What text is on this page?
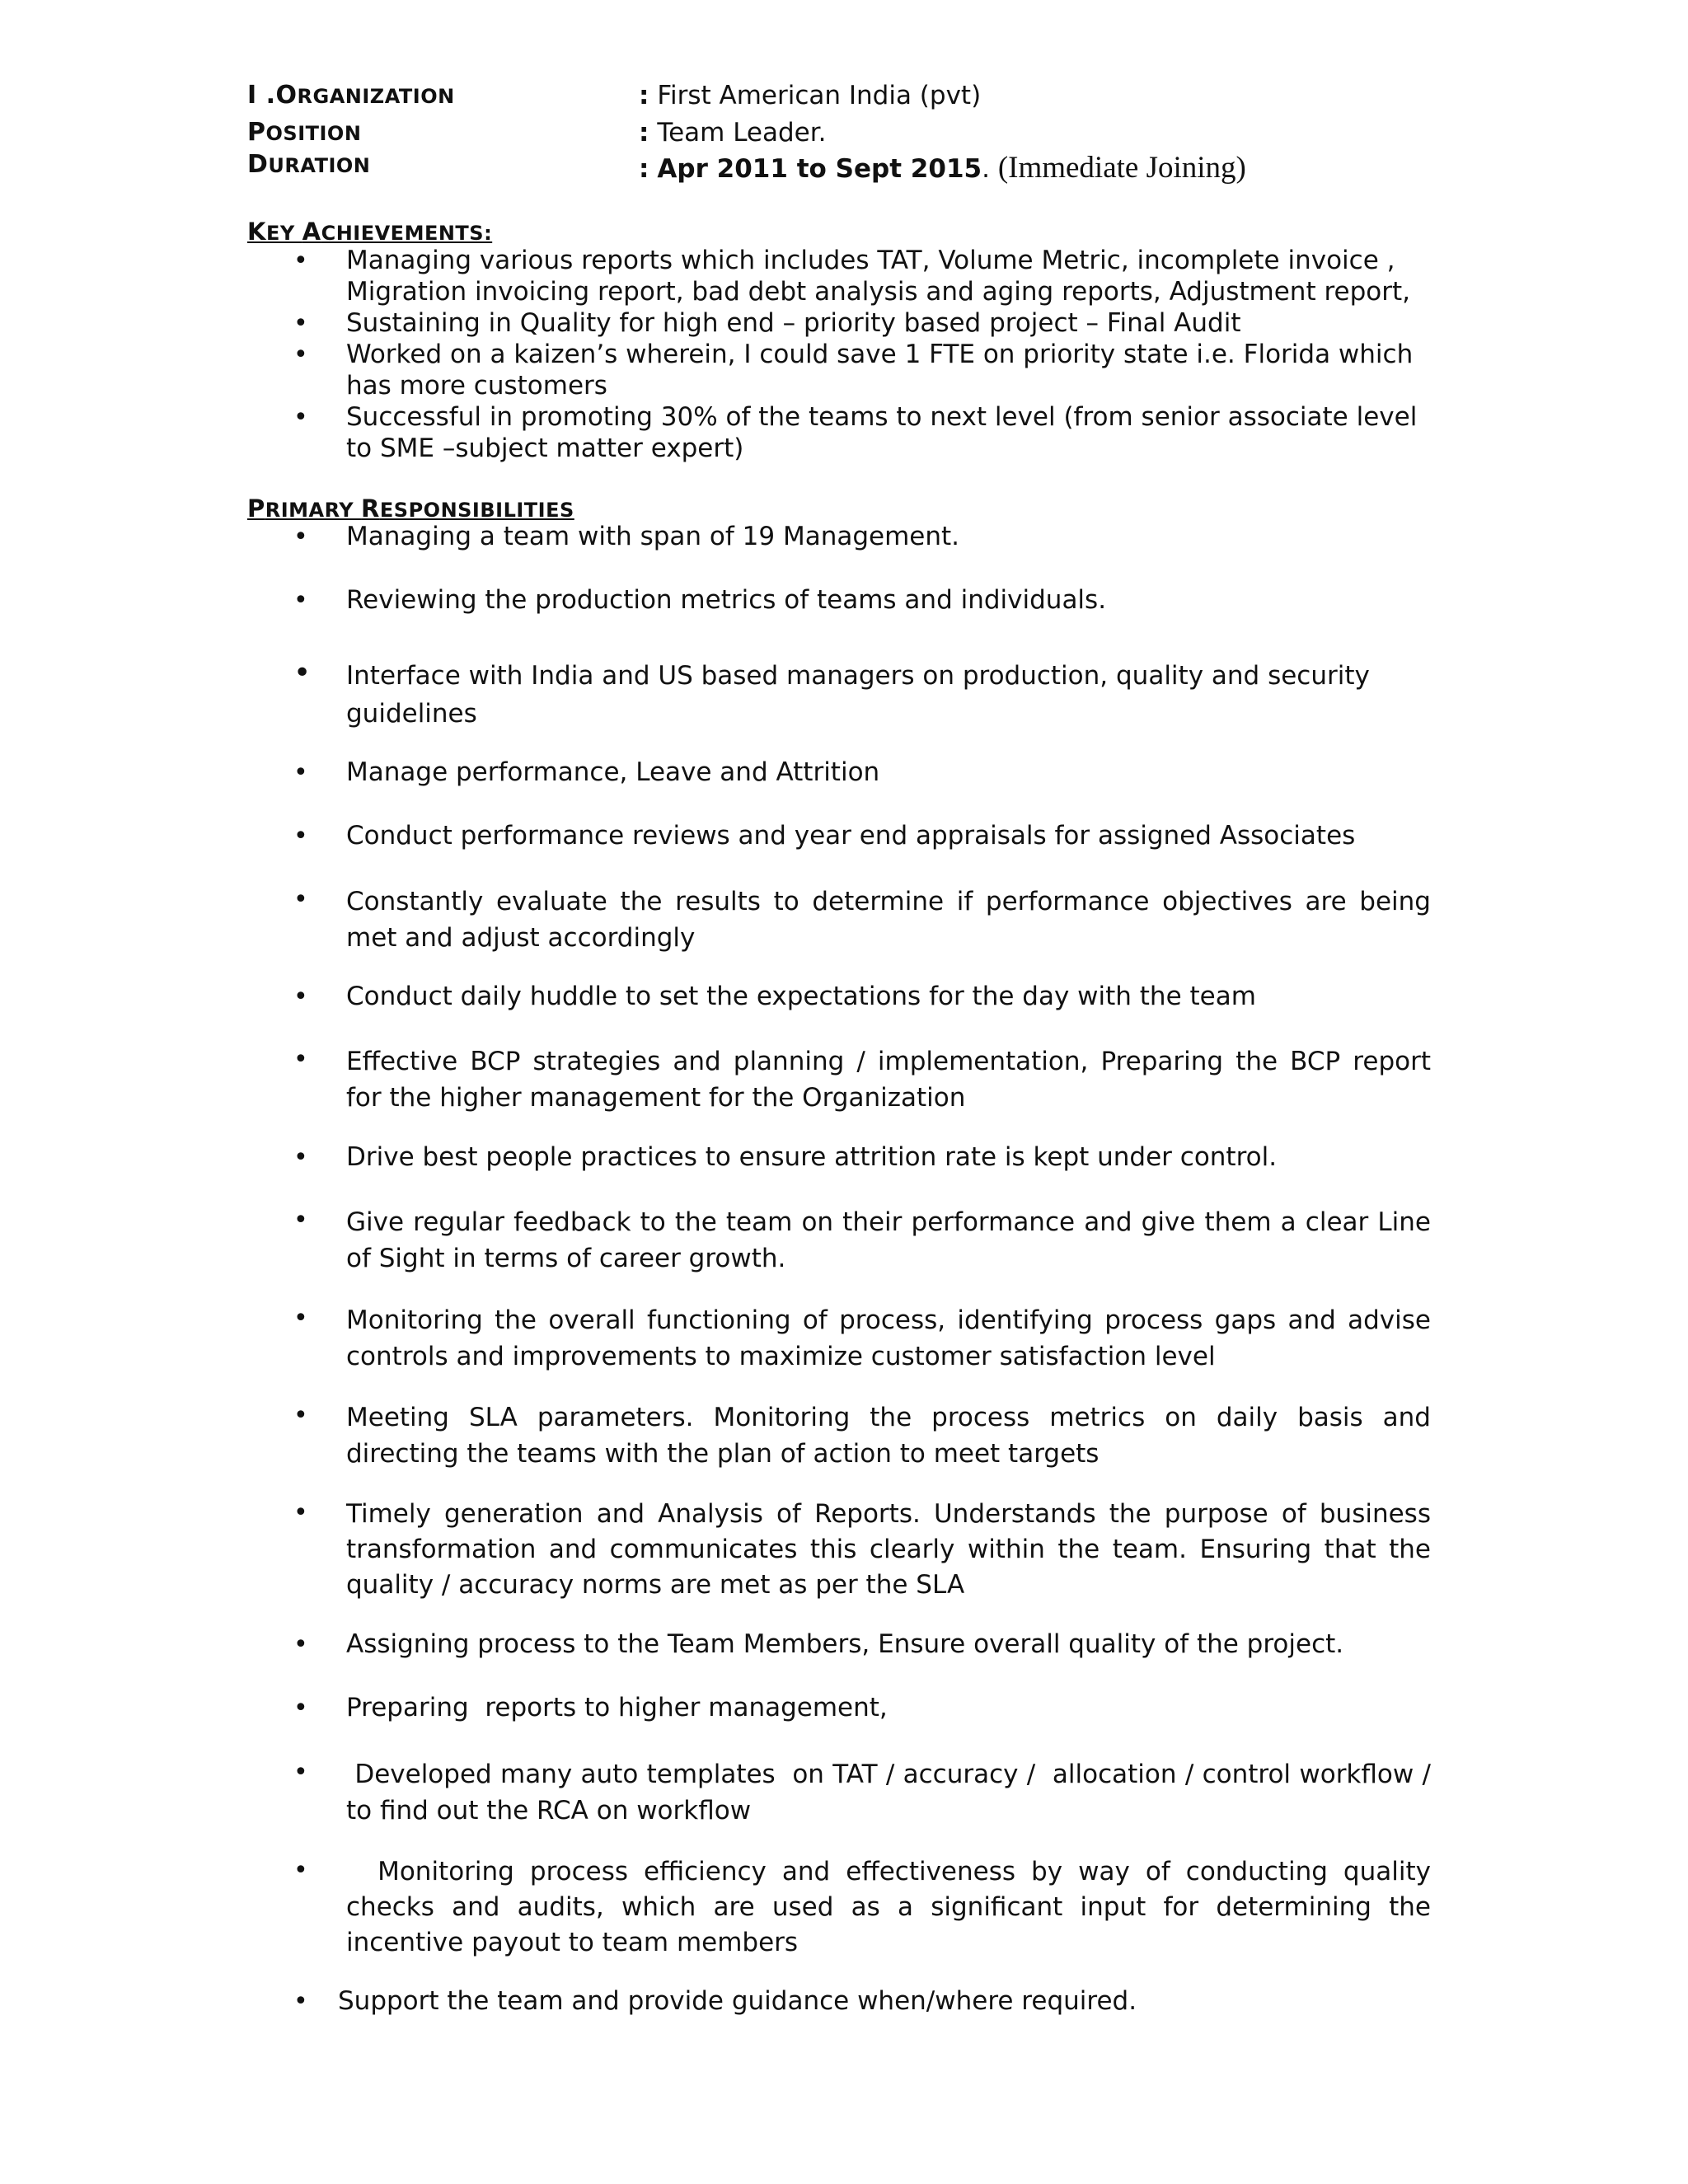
I .ORGANIZATION	: First American India (pvt)
POSITION	: Team Leader.
DURATION	: Apr 2011 to Sept 2015. (Immediate Joining)
KEY ACHIEVEMENTS:
• Managing various reports which includes TAT, Volume Metric, incomplete invoice , Migration invoicing report, bad debt analysis and aging reports, Adjustment report,
• Sustaining in Quality for high end – priority based project – Final Audit
• Worked on a kaizen’s wherein, I could save 1 FTE on priority state i.e. Florida which has more customers
• Successful in promoting 30% of the teams to next level (from senior associate level to SME –subject matter expert)
PRIMARY RESPONSIBILITIES
• Managing a team with span of 19 Management.
• Reviewing the production metrics of teams and individuals.
• Interface with India and US based managers on production, quality and security guidelines
• Manage performance, Leave and Attrition
• Conduct performance reviews and year end appraisals for assigned Associates
• Constantly evaluate the results to determine if performance objectives are being met and adjust accordingly
• Conduct daily huddle to set the expectations for the day with the team
• Effective BCP strategies and planning / implementation, Preparing the BCP report for the higher management for the Organization
• Drive best people practices to ensure attrition rate is kept under control.
• Give regular feedback to the team on their performance and give them a clear Line of Sight in terms of career growth.
• Monitoring the overall functioning of process, identifying process gaps and advise controls and improvements to maximize customer satisfaction level
• Meeting SLA parameters. Monitoring the process metrics on daily basis and directing the teams with the plan of action to meet targets
• Timely generation and Analysis of Reports. Understands the purpose of business transformation and communicates this clearly within the team. Ensuring that the quality / accuracy norms are met as per the SLA
• Assigning process to the Team Members, Ensure overall quality of the project.
• Preparing  reports to higher management,
• Developed many auto templates  on TAT / accuracy /  allocation / control workflow / to find out the RCA on workflow
• Monitoring process efficiency and effectiveness by way of conducting quality checks and audits, which are used as a significant input for determining the incentive payout to team members
• Support the team and provide guidance when/where required.
